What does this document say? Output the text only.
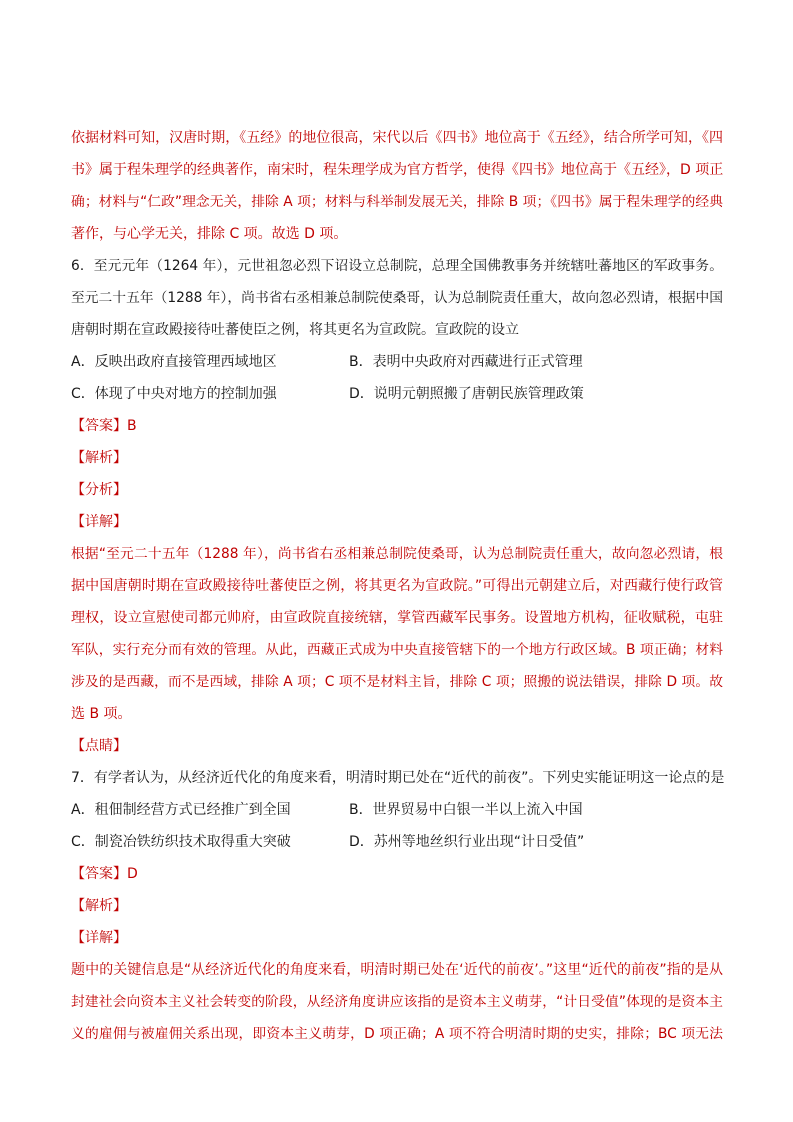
依据材料可知，汉唐时期，《五经》的地位很高，宋代以后《四书》地位高于《五经》，结合所学可知，《四
书》属于程朱理学的经典著作，南宋时，程朱理学成为官方哲学，使得《四书》地位高于《五经》，D 项正
确；材料与“仁政”理念无关，排除 A 项；材料与科举制发展无关，排除 B 项；《四书》属于程朱理学的经典
著作，与心学无关，排除 C 项。故选 D 项。
6．至元元年（1264 年），元世祖忽必烈下诏设立总制院，总理全国佛教事务并统辖吐蕃地区的军政事务。
至元二十五年（1288 年），尚书省右丞相兼总制院使桑哥，认为总制院责任重大，故向忽必烈请，根据中国
唐朝时期在宣政殿接待吐蕃使臣之例，将其更名为宣政院。宣政院的设立
A．反映出政府直接管理西域地区	B．表明中央政府对西藏进行正式管理
C．体现了中央对地方的控制加强	D．说明元朝照搬了唐朝民族管理政策
【答案】B
【解析】
【分析】
【详解】
根据“至元二十五年（1288 年），尚书省右丞相兼总制院使桑哥，认为总制院责任重大，故向忽必烈请，根
据中国唐朝时期在宣政殿接待吐蕃使臣之例，将其更名为宣政院。”可得出元朝建立后，对西藏行使行政管
理权，设立宣慰使司都元帅府，由宣政院直接统辖，掌管西藏军民事务。设置地方机构，征收赋税，屯驻
军队，实行充分而有效的管理。从此，西藏正式成为中央直接管辖下的一个地方行政区域。B 项正确；材料
涉及的是西藏，而不是西域，排除 A 项；C 项不是材料主旨，排除 C 项；照搬的说法错误，排除 D 项。故
选 B 项。
【点睛】
7．有学者认为，从经济近代化的角度来看，明清时期已处在“近代的前夜”。下列史实能证明这一论点的是
A．租佃制经营方式已经推广到全国	B．世界贸易中白银一半以上流入中国
C．制瓷冶铁纺织技术取得重大突破	D．苏州等地丝织行业出现“计日受值”
【答案】D
【解析】
【详解】
题中的关键信息是“从经济近代化的角度来看，明清时期已处在‘近代的前夜’。”这里“近代的前夜”指的是从
封建社会向资本主义社会转变的阶段，从经济角度讲应该指的是资本主义萌芽，“计日受值”体现的是资本主
义的雇佣与被雇佣关系出现，即资本主义萌芽，D 项正确；A 项不符合明清时期的史实，排除；BC 项无法
